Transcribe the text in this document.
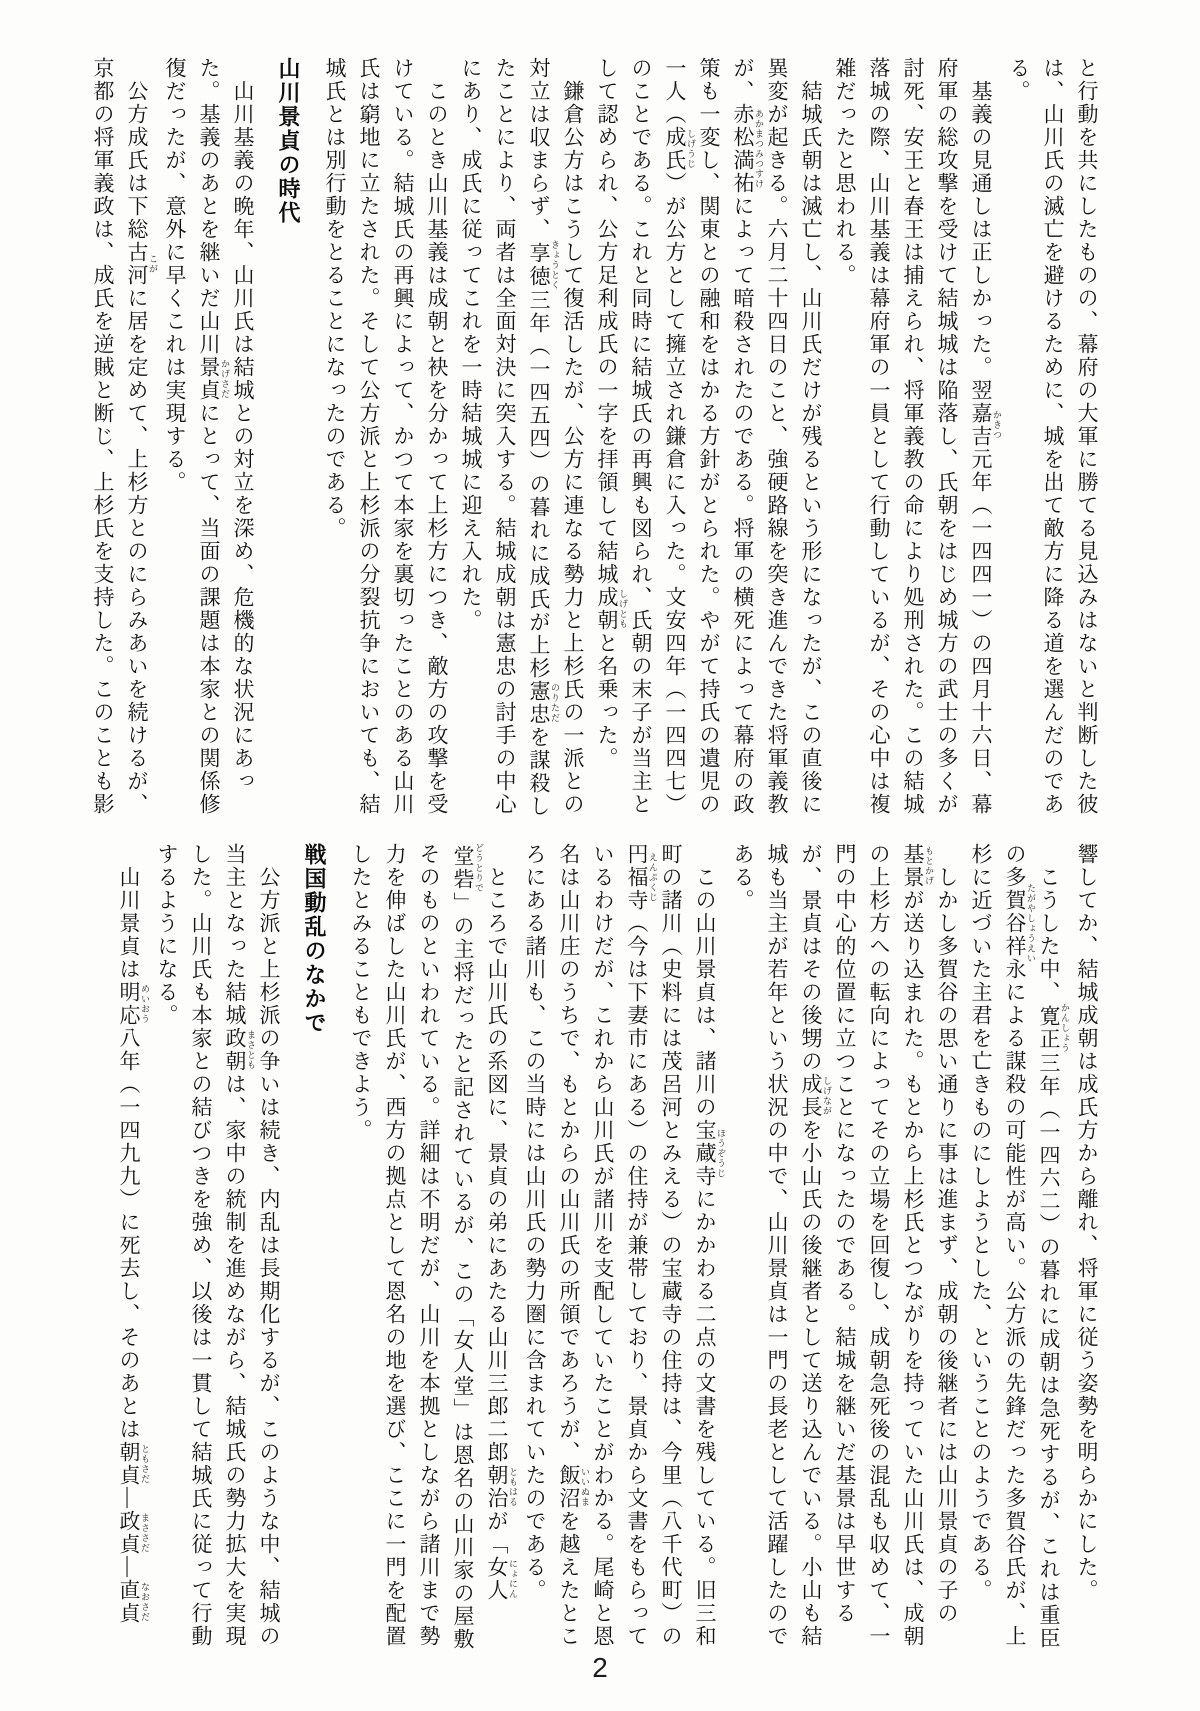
と行動を共にしたものの、幕府の大軍に勝てる見込みはないと判断した彼は、山川氏の滅亡を避けるために、城を出て敵方に降る道を選んだのである。

基義の見通しは正しかった。翌嘉吉 かきつ元年（一四四一）の四月十六日、幕府軍の総攻撃を受けて結城城は陥落し、氏朝をはじめ城方の武士の多くが討死、安王と春王は捕えられ、将軍義教の命により処刑された。この結城落城の際、山川基義は幕府軍の一員として行動しているが、その心中は複雑だったと思われる。

結城氏朝は滅亡し、山川氏だけが残るという形になったが、この直後に異変が起きる。六月二十四日のこと、強硬路線を突き進んできた将軍義教が、赤松満祐 あかまつみつすけによって暗殺されたのである。将軍の横死によって幕府の政策も一変し、関東との融和をはかる方針がとられた。やがて持氏の遺児の一人（成氏 しげうじ）が公方として擁立され鎌倉に入った。文安四年（一四四七）のことである。これと同時に結城氏の再興も図られ、氏朝の末子が当主として認められ、公方足利成氏の一字を拝領して結城成朝 しげともと名乗った。

鎌倉公方はこうして復活したが、公方に連なる勢力と上杉氏の一派との対立は収まらず、享徳 きょうとく三年（一四五四）の暮れに成氏が上杉憲忠 のりただを謀殺したことにより、両者は全面対決に突入する。結城成朝は憲忠の討手の中心にあり、成氏に従ってこれを一時結城城に迎え入れた。

このとき山川基義は成朝と袂を分かって上杉方につき、敵方の攻撃を受けている。結城氏の再興によって、かつて本家を裏切ったことのある山川氏は窮地に立たされた。そして公方派と上杉派の分裂抗争においても、結城氏とは別行動をとることになったのである。

山川景貞の時代

山川基義の晩年、山川氏は結城との対立を深め、危機的な状況にあった。基義のあとを継いだ山川景貞 かげさだにとって、当面の課題は本家との関係修復だったが、意外に早くこれは実現する。

公方成氏は下総古河 こがに居を定めて、上杉方とのにらみあいを続けるが、京都の将軍義政は、成氏を逆賊と断じ、上杉氏を支持した。このことも影

響してか、結城成朝は成氏方から離れ、将軍に従う姿勢を明らかにした。

こうした中、寛正 かんしょう三年（一四六二）の暮れに成朝は急死するが、これは重臣の多賀谷祥永 たがやしょうえいによる謀殺の可能性が高い。公方派の先鋒だった多賀谷氏が、上杉に近づいた主君を亡きものにしようとした、ということのようである。

しかし多賀谷の思い通りに事は進まず、成朝の後継者には山川景貞の子の基景 もとかげが送り込まれた。もとから上杉氏とつながりを持っていた山川氏は、成朝の上杉方への転向によってその立場を回復し、成朝急死後の混乱も収めて、一門の中心的位置に立つことになったのである。結城を継いだ基景は早世するが、景貞はその後甥の成長 しげながを小山氏の後継者として送り込んでいる。小山も結城も当主が若年という状況の中で、山川景貞は一門の長老として活躍したのである。

この山川景貞は、諸川の宝蔵寺 ほうぞうじにかかわる二点の文書を残している。旧三和町の諸川（史料には茂呂河とみえる）の宝蔵寺の住持は、今里（八千代町）の円福寺 えんぷくじ（今は下妻市にある）の住持が兼帯しており、景貞から文書をもらっているわけだが、これから山川氏が諸川を支配していたことがわかる。尾崎と恩名は山川庄のうちで、もとからの山川氏の所領であろうが、飯沼 いいぬまを越えたところにある諸川も、この当時には山川氏の勢力圏に含まれていたのである。

ところで山川氏の系図に、景貞の弟にあたる山川三郎二郎朝治 ともはるが「女人 にょにん堂砦 どうとりで」の主将だったと記されているが、この「女人堂」は恩名の山川家の屋敷そのものといわれている。詳細は不明だが、山川を本拠としながら諸川まで勢力を伸ばした山川氏が、西方の拠点として恩名の地を選び、ここに一門を配置したとみることもできよう。

戦国動乱のなかで

公方派と上杉派の争いは続き、内乱は長期化するが、このような中、結城の当主となった結城政朝 まさともは、家中の統制を進めながら、結城氏の勢力拡大を実現した。山川氏も本家との結びつきを強め、以後は一貫して結城氏に従って行動するようになる。

山川景貞は明応 めいおう八年（一四九九）に死去し、そのあとは朝貞 ともさだ―政貞 まささだ―直貞 なおさだ

2
